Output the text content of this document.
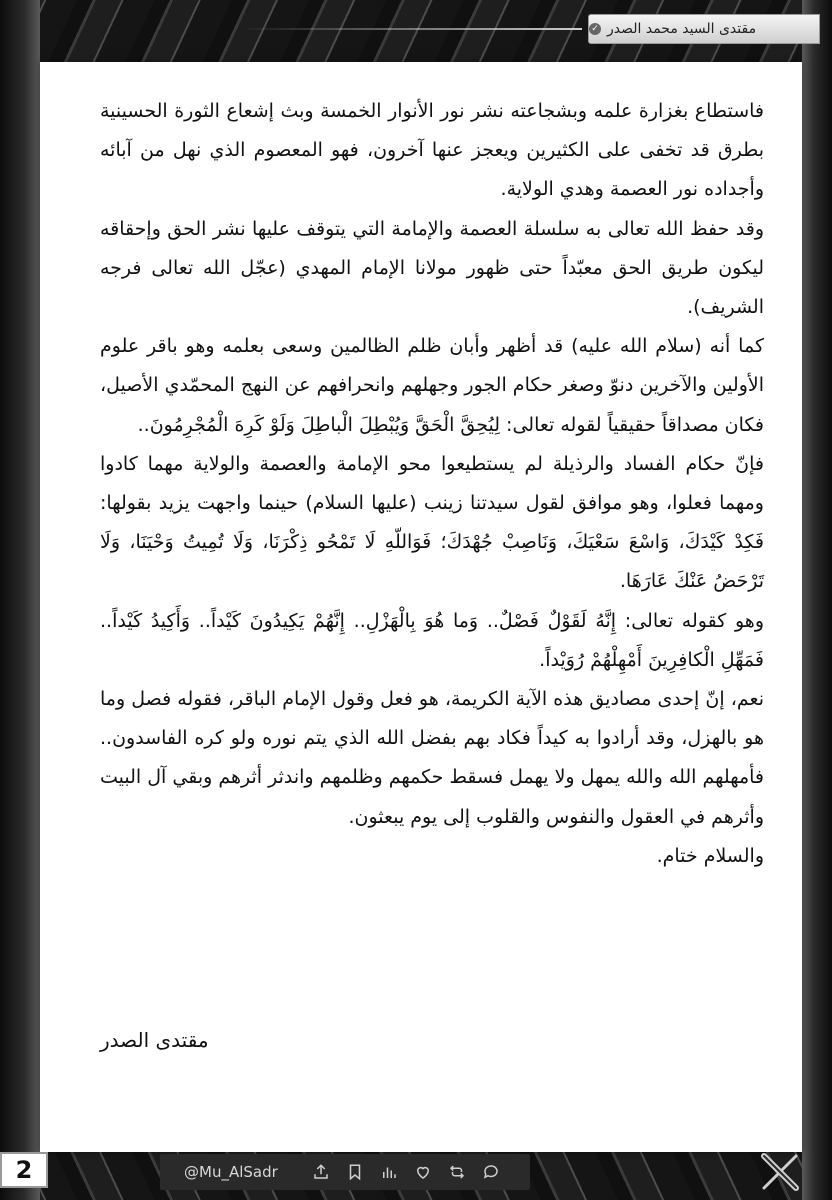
مقتدى السيد محمد الصدر
✓

فاستطاع بغزارة علمه وبشجاعته نشر نور الأنوار الخمسة وبث إشعاع الثورة الحسينية بطرق قد تخفى على الكثيرين ويعجز عنها آخرون، فهو المعصوم الذي نهل من آبائه وأجداده نور العصمة وهدي الولاية.

وقد حفظ الله تعالى به سلسلة العصمة والإمامة التي يتوقف عليها نشر الحق وإحقاقه ليكون طريق الحق معبّداً حتى ظهور مولانا الإمام المهدي (عجّل الله تعالى فرجه الشريف).

كما أنه (سلام الله عليه) قد أظهر وأبان ظلم الظالمين وسعى بعلمه وهو باقر علوم الأولين والآخرين دنوّ وصغر حكام الجور وجهلهم وانحرافهم عن النهج المحمّدي الأصيل، فكان مصداقاً حقيقياً لقوله تعالى: لِيُحِقَّ الْحَقَّ وَيُبْطِلَ الْباطِلَ وَلَوْ كَرِهَ الْمُجْرِمُونَ..

فإنّ حكام الفساد والرذيلة لم يستطيعوا محو الإمامة والعصمة والولاية مهما كادوا ومهما فعلوا، وهو موافق لقول سيدتنا زينب (عليها السلام) حينما واجهت يزيد بقولها: فَكِدْ كَيْدَكَ، وَاسْعَ سَعْيَكَ، وَنَاصِبْ جُهْدَكَ؛ فَوَاللّهِ لَا تَمْحُو ذِكْرَنَا، وَلَا تُمِيتُ وَحْيَنَا، وَلَا تَرْحَضُ عَنْكَ عَارَهَا.

وهو كقوله تعالى: إِنَّهُ لَقَوْلٌ فَصْلٌ.. وَما هُوَ بِالْهَزْلِ.. إِنَّهُمْ يَكِيدُونَ كَيْداً.. وَأَكِيدُ كَيْداً.. فَمَهِّلِ الْكافِرِينَ أَمْهِلْهُمْ رُوَيْداً.

نعم، إنّ إحدى مصاديق هذه الآية الكريمة، هو فعل وقول الإمام الباقر، فقوله فصل وما هو بالهزل، وقد أرادوا به كيداً فكاد بهم بفضل الله الذي يتم نوره ولو كره الفاسدون.. فأمهلهم الله والله يمهل ولا يهمل فسقط حكمهم وظلمهم واندثر أثرهم وبقي آل البيت وأثرهم في العقول والنفوس والقلوب إلى يوم يبعثون.

والسلام ختام.

مقتدى الصدر
2	@Mu_AlSadr
